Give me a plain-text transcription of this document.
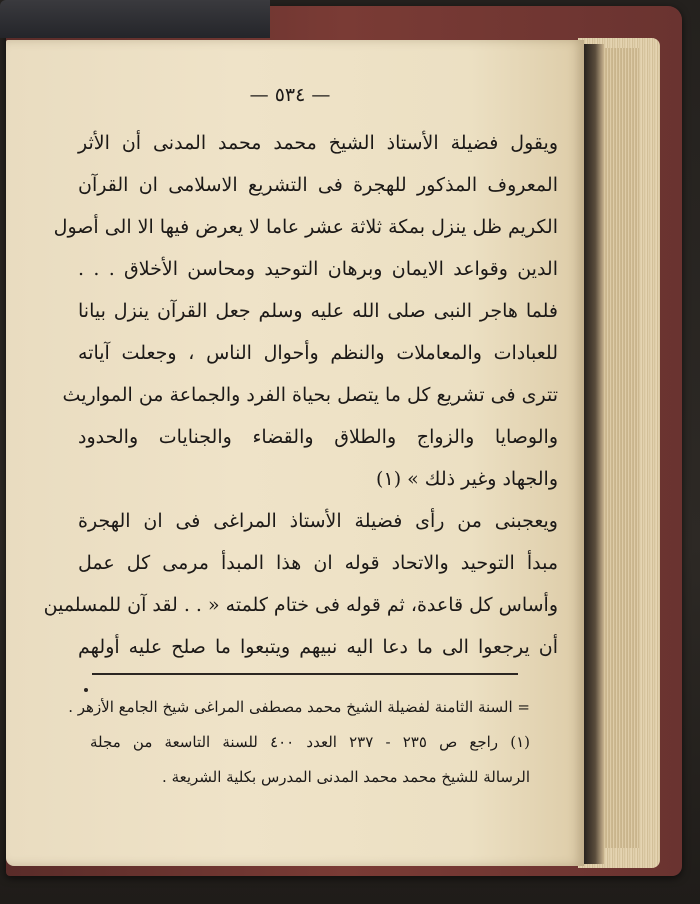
— ٥٣٤ —
ويقول فضيلة الأستاذ الشيخ محمد محمد المدنى أن الأثر
المعروف المذكور للهجرة فى التشريع الاسلامى ان القرآن
الكريم ظل ينزل بمكة ثلاثة عشر عاما لا يعرض فيها الا الى أصول
الدين وقواعد الايمان وبرهان التوحيد ومحاسن الأخلاق . . .
فلما هاجر النبى صلى الله عليه وسلم جعل القرآن ينزل بيانا
للعبادات والمعاملات والنظم وأحوال الناس ، وجعلت آياته
تترى فى تشريع كل ما يتصل بحياة الفرد والجماعة من المواريث
والوصايا والزواج والطلاق والقضاء والجنايات والحدود
والجهاد وغير ذلك » (١)
ويعجبنى من رأى فضيلة الأستاذ المراغى فى ان الهجرة
مبدأ التوحيد والاتحاد قوله ان هذا المبدأ مرمى كل عمل
وأساس كل قاعدة، ثم قوله فى ختام كلمته « . . لقد آن للمسلمين
أن يرجعوا الى ما دعا اليه نبيهم ويتبعوا ما صلح عليه أولهم
= السنة الثامنة لفضيلة الشيخ محمد مصطفى المراغى شيخ الجامع الأزهر .
(١) راجع ص ٢٣٥ - ٢٣٧ العدد ٤٠٠ للسنة التاسعة من مجلة
الرسالة للشيخ محمد محمد المدنى المدرس بكلية الشريعة .
